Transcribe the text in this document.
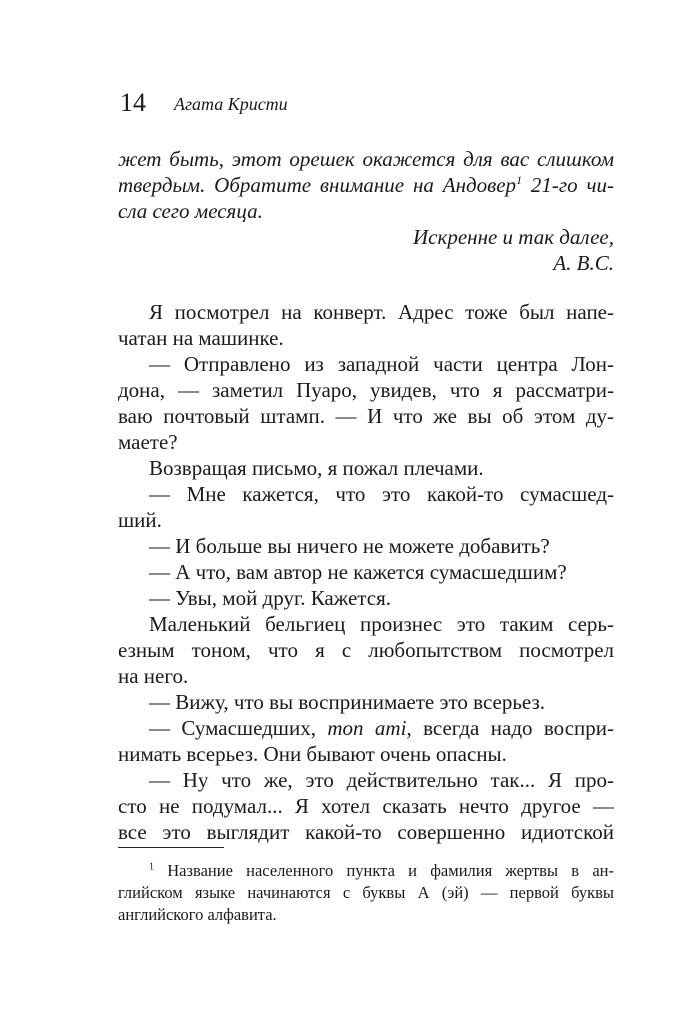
14 Агата Кристи
жет быть, этот орешек окажется для вас слишком
твердым. Обратите внимание на Андовер$^1$ 21-го чи-
сла сего месяца.
Искренне и так далее,
A. B.C.
Я посмотрел на конверт. Адрес тоже был напе-
чатан на машинке.
— Отправлено из западной части центра Лон-
дона, — заметил Пуаро, увидев, что я рассматри-
ваю почтовый штамп. — И что же вы об этом ду-
маете?
Возвращая письмо, я пожал плечами.
— Мне кажется, что это какой-то сумасшед-
ший.
— И больше вы ничего не можете добавить?
— А что, вам автор не кажется сумасшедшим?
— Увы, мой друг. Кажется.
Маленький бельгиец произнес это таким серь-
езным тоном, что я с любопытством посмотрел
на него.
— Вижу, что вы воспринимаете это всерьез.
— Сумасшедших, mon ami, всегда надо воспри-
нимать всерьез. Они бывают очень опасны.
— Ну что же, это действительно так... Я про-
сто не подумал... Я хотел сказать нечто другое —
все это выглядит какой-то совершенно идиотской
$^1$ Название населенного пункта и фамилия жертвы в ан-
глийском языке начинаются с буквы А (эй) — первой буквы
английского алфавита.
